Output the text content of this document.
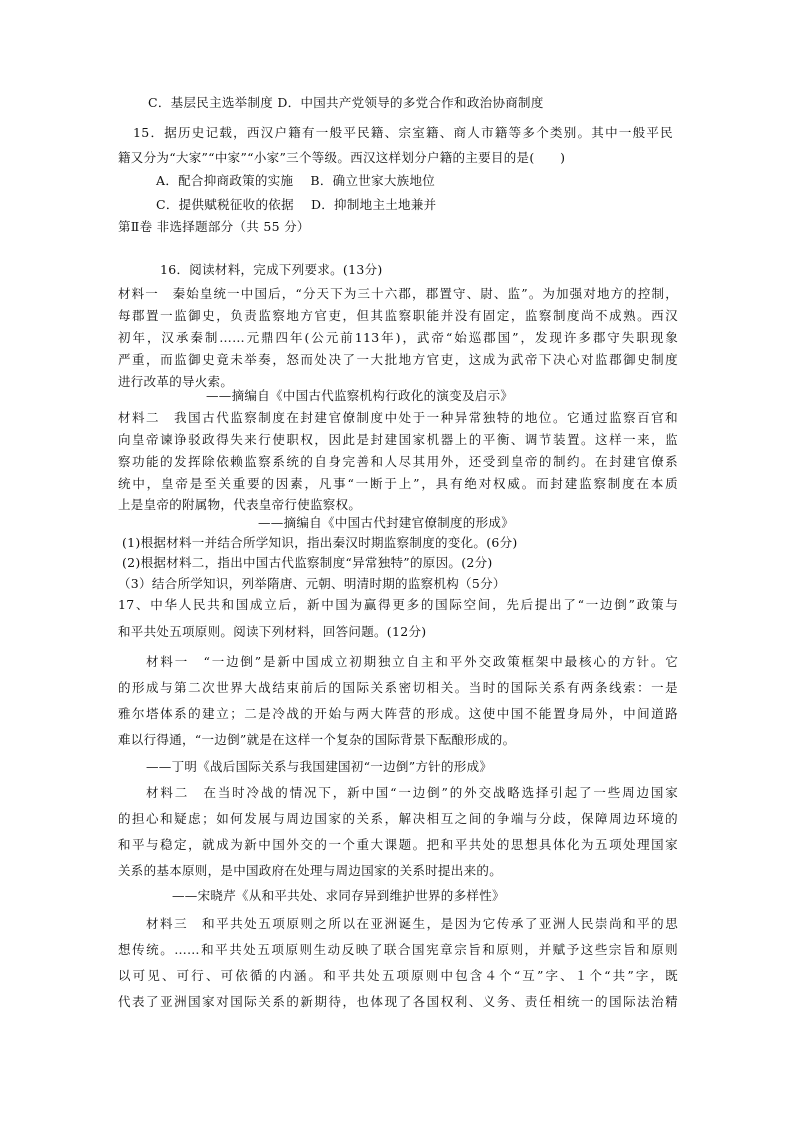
C．基层民主选举制度 D．中国共产党领导的多党合作和政治协商制度

15．据历史记载，西汉户籍有一般平民籍、宗室籍、商人市籍等多个类别。其中一般平民

籍又分为“大家”“中家”“小家”三个等级。西汉这样划分户籍的主要目的是(　　)

A．配合抑商政策的实施　 B．确立世家大族地位

C．提供赋税征收的依据　 D．抑制地主土地兼并

第Ⅱ卷 非选择题部分（共 55 分）

16．阅读材料，完成下列要求。(13分)

材料一　秦始皇统一中国后，“分天下为三十六郡，郡置守、尉、监”。为加强对地方的控制，

每郡置一监御史，负责监察地方官吏，但其监察职能并没有固定，监察制度尚不成熟。西汉

初年，汉承秦制……元鼎四年(公元前113年)，武帝“始巡郡国”，发现许多郡守失职现象

严重，而监御史竟未举奏，怒而处决了一大批地方官吏，这成为武帝下决心对监郡御史制度

进行改革的导火索。

——摘编自《中国古代监察机构行政化的演变及启示》

材料二　我国古代监察制度在封建官僚制度中处于一种异常独特的地位。它通过监察百官和

向皇帝谏诤驳政得失来行使职权，因此是封建国家机器上的平衡、调节装置。这样一来，监

察功能的发挥除依赖监察系统的自身完善和人尽其用外，还受到皇帝的制约。在封建官僚系

统中，皇帝是至关重要的因素，凡事“一断于上”，具有绝对权威。而封建监察制度在本质

上是皇帝的附属物，代表皇帝行使监察权。

——摘编自《中国古代封建官僚制度的形成》

(1)根据材料一并结合所学知识，指出秦汉时期监察制度的变化。(6分)

(2)根据材料二，指出中国古代监察制度“异常独特”的原因。(2分)

（3）结合所学知识，列举隋唐、元朝、明清时期的监察机构（5分）

17、中华人民共和国成立后，新中国为赢得更多的国际空间，先后提出了“一边倒”政策与

和平共处五项原则。阅读下列材料，回答问题。(12分)

材料一　“一边倒”是新中国成立初期独立自主和平外交政策框架中最核心的方针。它

的形成与第二次世界大战结束前后的国际关系密切相关。当时的国际关系有两条线索：一是

雅尔塔体系的建立；二是冷战的开始与两大阵营的形成。这使中国不能置身局外，中间道路

难以行得通，“一边倒”就是在这样一个复杂的国际背景下酝酿形成的。

——丁明《战后国际关系与我国建国初“一边倒”方针的形成》

材料二　在当时冷战的情况下，新中国“一边倒”的外交战略选择引起了一些周边国家

的担心和疑虑；如何发展与周边国家的关系，解决相互之间的争端与分歧，保障周边环境的

和平与稳定，就成为新中国外交的一个重大课题。把和平共处的思想具体化为五项处理国家

关系的基本原则，是中国政府在处理与周边国家的关系时提出来的。

——宋晓芹《从和平共处、求同存异到维护世界的多样性》

材料三　和平共处五项原则之所以在亚洲诞生，是因为它传承了亚洲人民崇尚和平的思

想传统。……和平共处五项原则生动反映了联合国宪章宗旨和原则，并赋予这些宗旨和原则

以可见、可行、可依循的内涵。和平共处五项原则中包含４个“互”字、１个“共”字，既

代表了亚洲国家对国际关系的新期待，也体现了各国权利、义务、责任相统一的国际法治精
